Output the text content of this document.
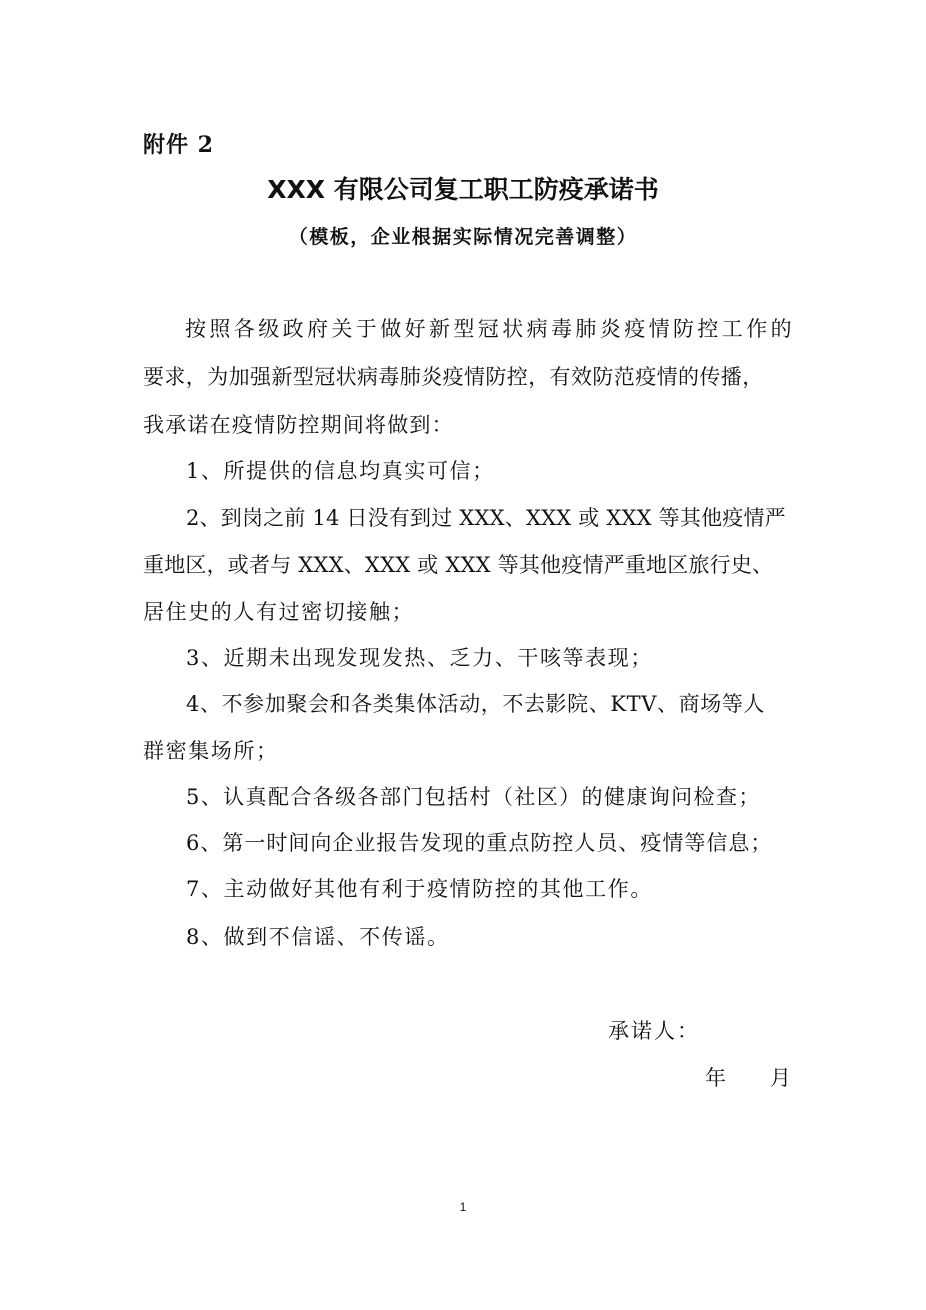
附件 2
XXX 有限公司复工职工防疫承诺书
（模板，企业根据实际情况完善调整）
按照各级政府关于做好新型冠状病毒肺炎疫情防控工作的
要求，为加强新型冠状病毒肺炎疫情防控，有效防范疫情的传播，
我承诺在疫情防控期间将做到：
1、所提供的信息均真实可信；
2、到岗之前 14 日没有到过 XXX、XXX 或 XXX 等其他疫情严
重地区，或者与 XXX、XXX 或 XXX 等其他疫情严重地区旅行史、
居住史的人有过密切接触；
3、近期未出现发现发热、乏力、干咳等表现；
4、不参加聚会和各类集体活动，不去影院、KTV、商场等人
群密集场所；
5、认真配合各级各部门包括村（社区）的健康询问检查；
6、第一时间向企业报告发现的重点防控人员、疫情等信息；
7、主动做好其他有利于疫情防控的其他工作。
8、做到不信谣、不传谣。
承诺人：
年 月
1
